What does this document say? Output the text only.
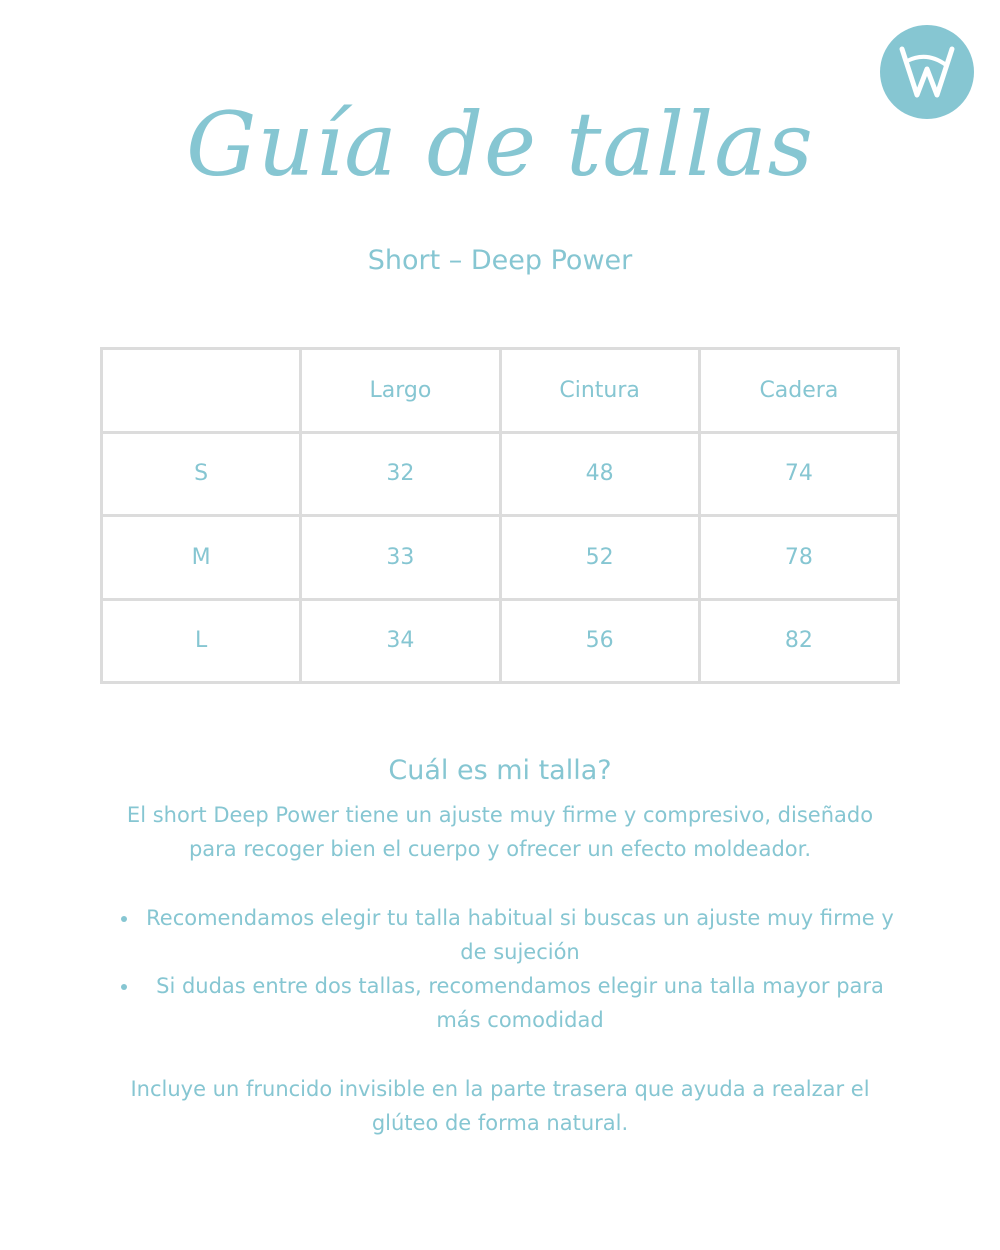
Guía de tallas
Short – Deep Power
	Largo	Cintura	Cadera
S	32	48	74
M	33	52	78
L	34	56	82
Cuál es mi talla?
El short Deep Power tiene un ajuste muy firme y compresivo, diseñado para recoger bien el cuerpo y ofrecer un efecto moldeador.
• Recomendamos elegir tu talla habitual si buscas un ajuste muy firme y de sujeción
• Si dudas entre dos tallas, recomendamos elegir una talla mayor para más comodidad
Incluye un fruncido invisible en la parte trasera que ayuda a realzar el glúteo de forma natural.
